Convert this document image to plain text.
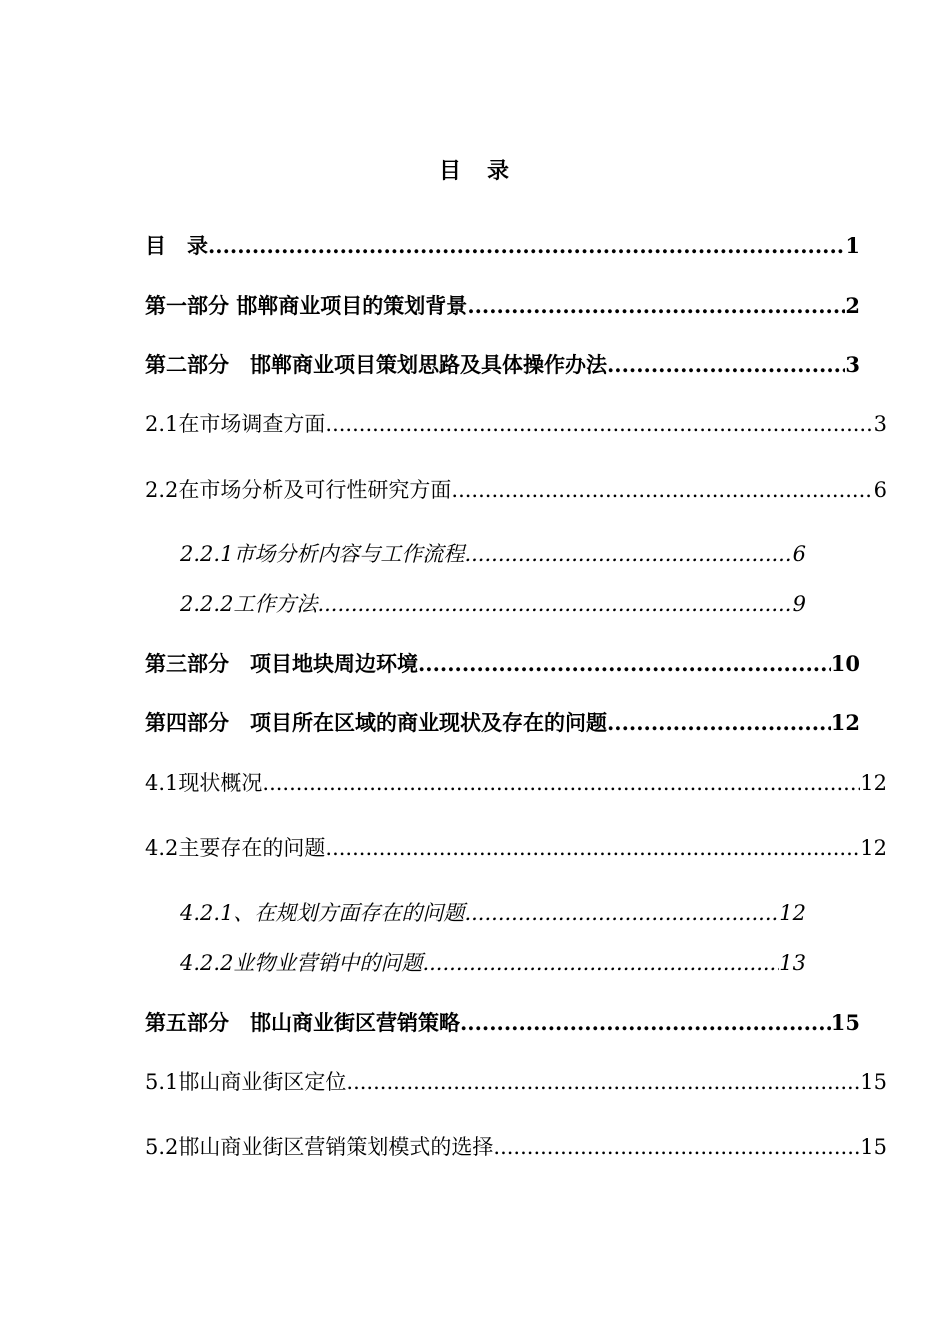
目　录
目　录 .....	1
第一部分 邯郸商业项目的策划背景 .....	2
第二部分　邯郸商业项目策划思路及具体操作办法 .....	3
2.1在市场调查方面 .....	3
2.2在市场分析及可行性研究方面 .....	6
2.2.1市场分析内容与工作流程 .....	6
2.2.2工作方法 .....	9
第三部分　项目地块周边环境 .....	10
第四部分　项目所在区域的商业现状及存在的问题 .....	12
4.1现状概况 .....	12
4.2主要存在的问题 .....	12
4.2.1、在规划方面存在的问题 .....	12
4.2.2业物业营销中的问题 .....	13
第五部分　邯山商业街区营销策略 .....	15
5.1邯山商业街区定位 .....	15
5.2邯山商业街区营销策划模式的选择 .....	15
